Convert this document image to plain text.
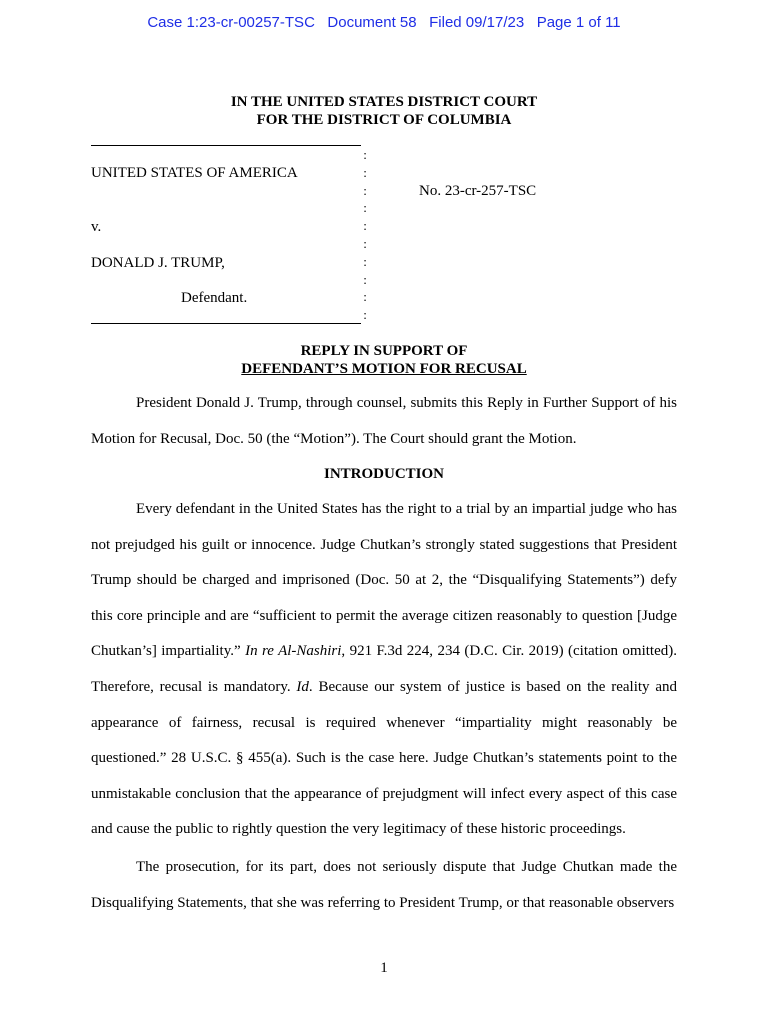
Case 1:23-cr-00257-TSC   Document 58   Filed 09/17/23   Page 1 of 11
IN THE UNITED STATES DISTRICT COURT
FOR THE DISTRICT OF COLUMBIA
UNITED STATES OF AMERICA
v.
DONALD J. TRUMP,
Defendant.
:
:
:
:
:
:
:
:
:
:
No. 23-cr-257-TSC
REPLY IN SUPPORT OF
DEFENDANT’S MOTION FOR RECUSAL
President Donald J. Trump, through counsel, submits this Reply in Further Support of his Motion for Recusal, Doc. 50 (the “Motion”). The Court should grant the Motion.
INTRODUCTION
Every defendant in the United States has the right to a trial by an impartial judge who has not prejudged his guilt or innocence. Judge Chutkan’s strongly stated suggestions that President Trump should be charged and imprisoned (Doc. 50 at 2, the “Disqualifying Statements”) defy this core principle and are “sufficient to permit the average citizen reasonably to question [Judge Chutkan’s] impartiality.” In re Al-Nashiri, 921 F.3d 224, 234 (D.C. Cir. 2019) (citation omitted). Therefore, recusal is mandatory. Id. Because our system of justice is based on the reality and appearance of fairness, recusal is required whenever “impartiality might reasonably be questioned.” 28 U.S.C. § 455(a). Such is the case here. Judge Chutkan’s statements point to the unmistakable conclusion that the appearance of prejudgment will infect every aspect of this case and cause the public to rightly question the very legitimacy of these historic proceedings.
The prosecution, for its part, does not seriously dispute that Judge Chutkan made the Disqualifying Statements, that she was referring to President Trump, or that reasonable observers
1
